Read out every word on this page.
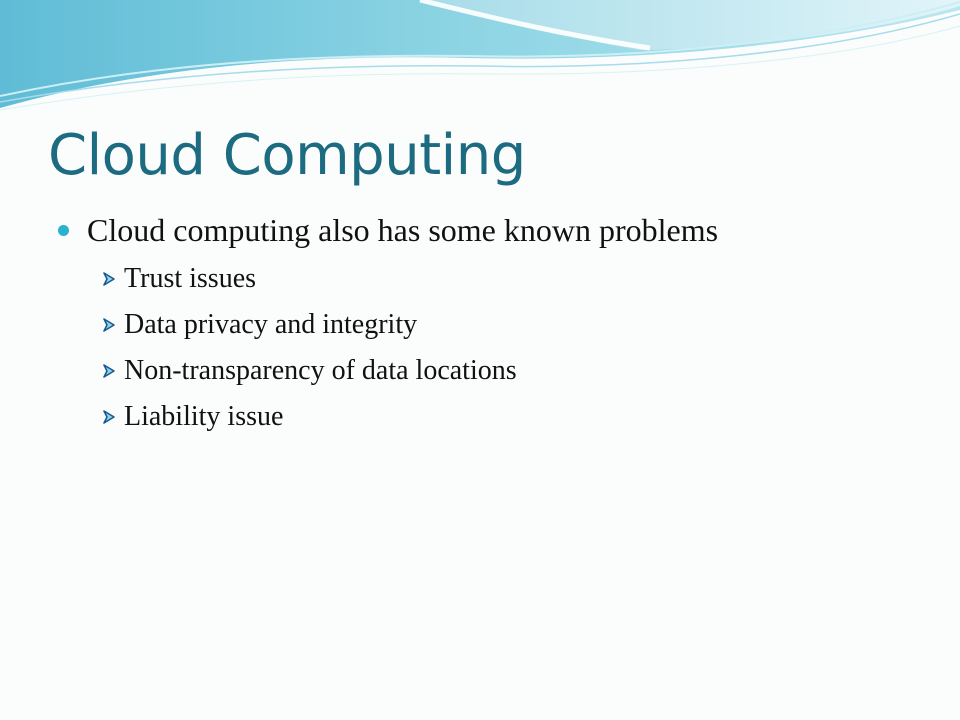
Cloud Computing
Cloud computing also has some known problems
Trust issues
Data privacy and integrity
Non-transparency of data locations
Liability issue
